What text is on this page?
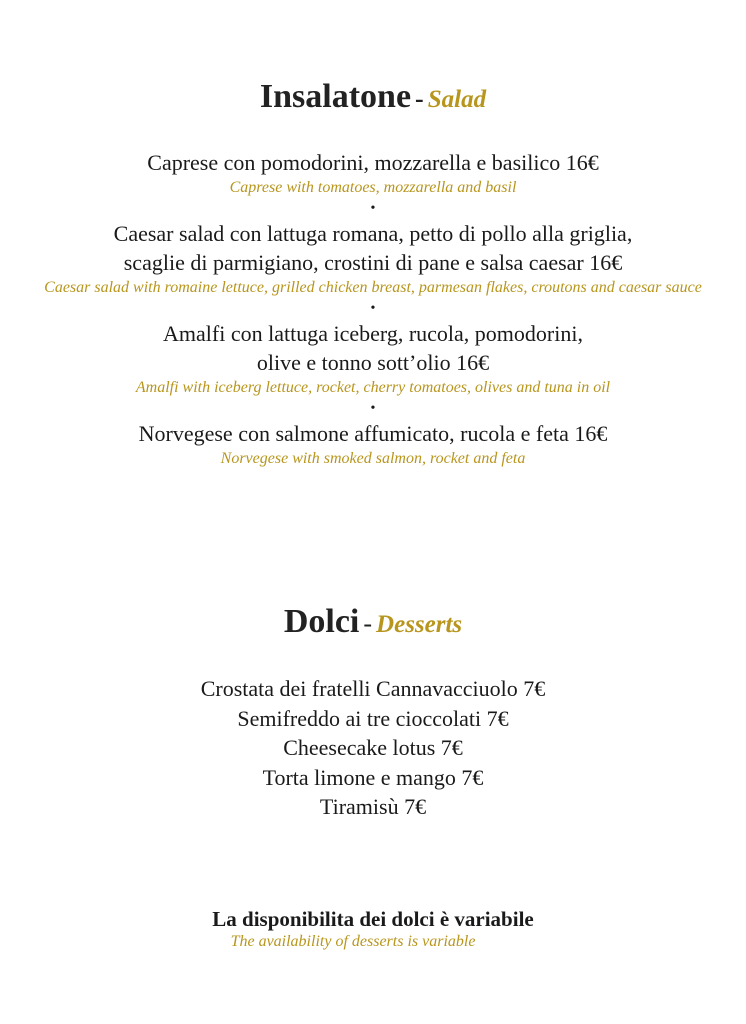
Insalatone - Salad
Caprese con pomodorini, mozzarella e basilico 16€
Caprese with tomatoes, mozzarella and basil
•
Caesar salad con lattuga romana, petto di pollo alla griglia,
scaglie di parmigiano, crostini di pane e salsa caesar 16€
Caesar salad with romaine lettuce, grilled chicken breast, parmesan flakes, croutons and caesar sauce
•
Amalfi con lattuga iceberg, rucola, pomodorini,
olive e tonno sott’olio 16€
Amalfi with iceberg lettuce, rocket, cherry tomatoes, olives and tuna in oil
•
Norvegese con salmone affumicato, rucola e feta 16€
Norvegese with smoked salmon, rocket and feta
Dolci - Desserts
Crostata dei fratelli Cannavacciuolo 7€
Semifreddo ai tre cioccolati 7€
Cheesecake lotus 7€
Torta limone e mango 7€
Tiramisù 7€
La disponibilita dei dolci è variabile
The availability of desserts is variable
